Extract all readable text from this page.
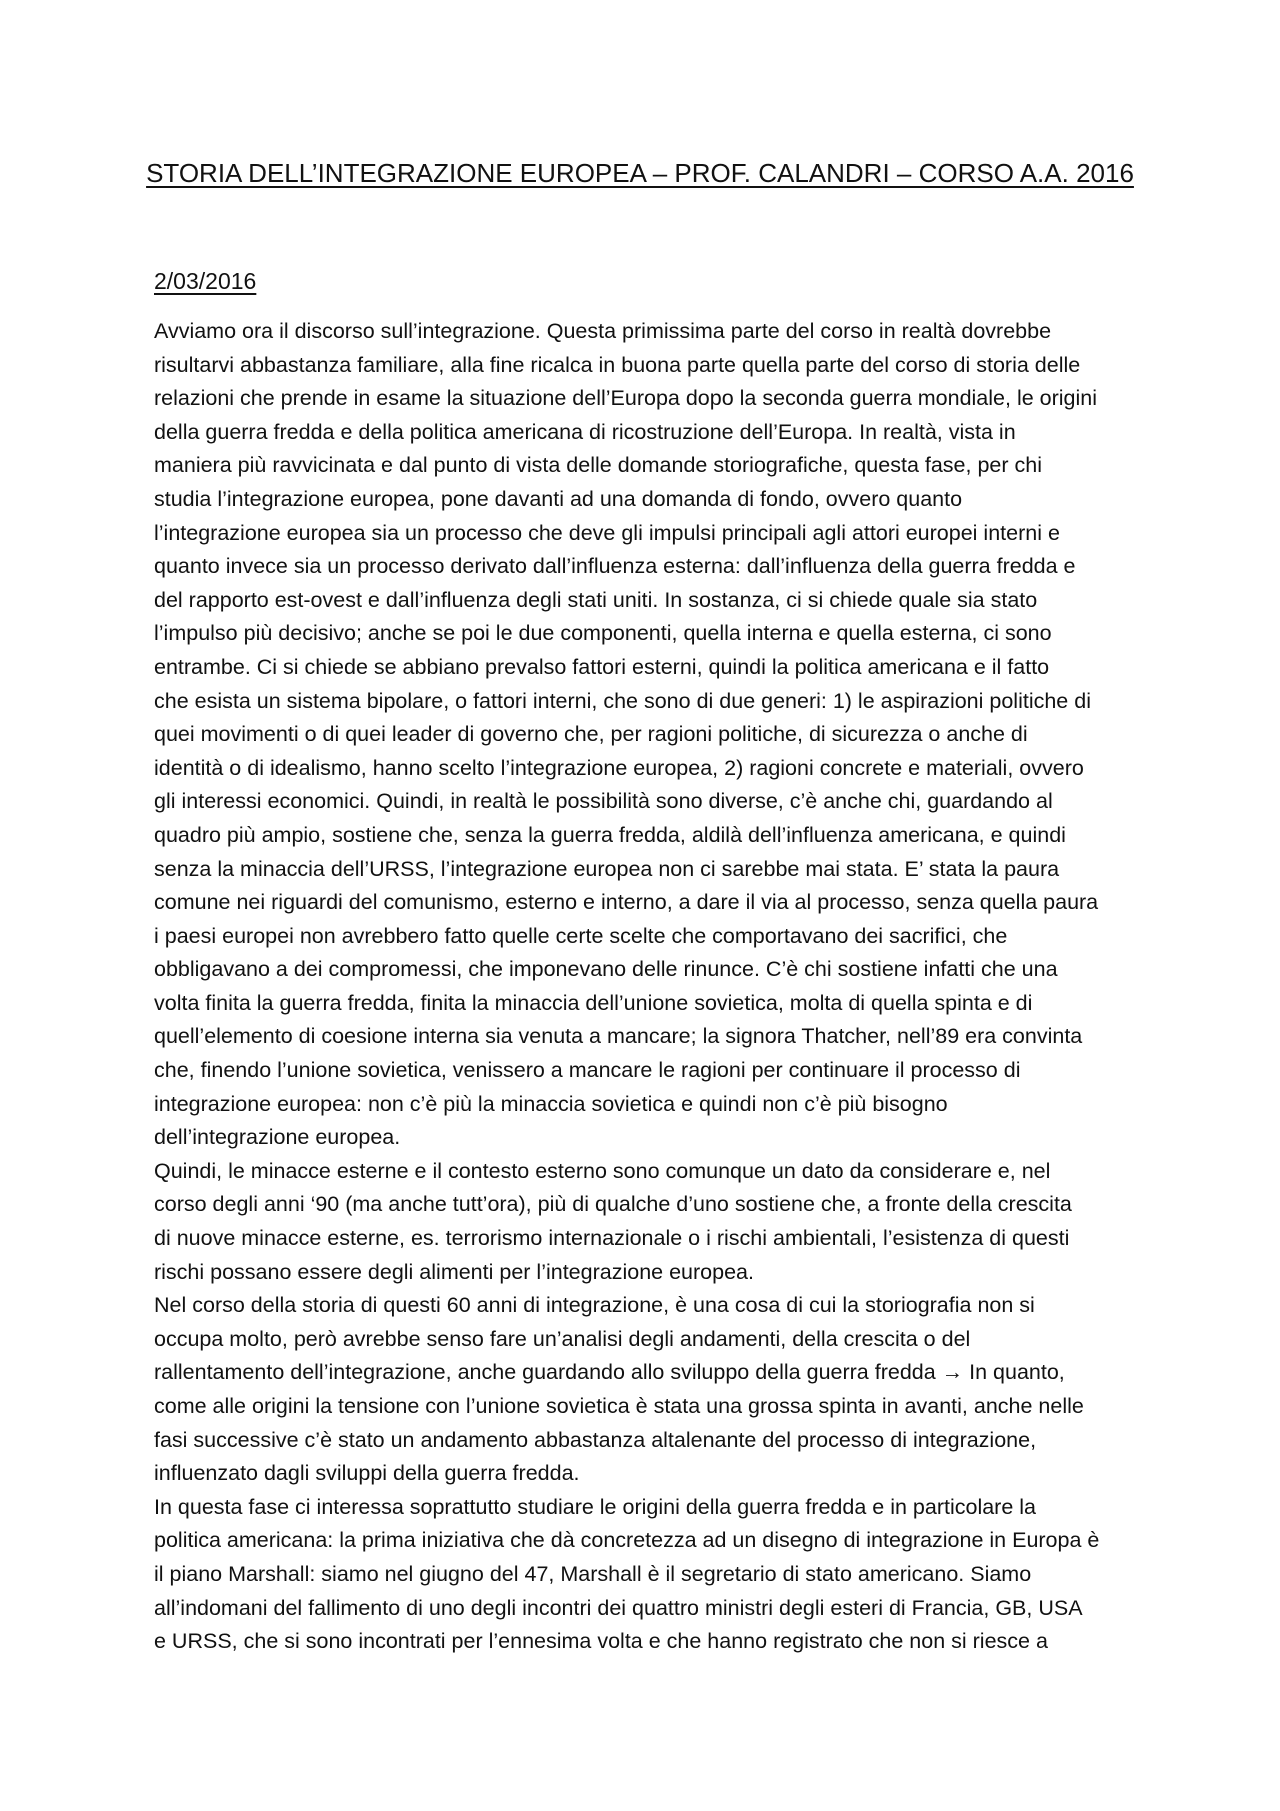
STORIA DELL’INTEGRAZIONE EUROPEA – PROF. CALANDRI – CORSO A.A. 2016
2/03/2016

Avviamo ora il discorso sull’integrazione. Questa primissima parte del corso in realtà dovrebbe
risultarvi abbastanza familiare, alla fine ricalca in buona parte quella parte del corso di storia delle
relazioni che prende in esame la situazione dell’Europa dopo la seconda guerra mondiale, le origini
della guerra fredda e della politica americana di ricostruzione dell’Europa. In realtà, vista in
maniera più ravvicinata e dal punto di vista delle domande storiografiche, questa fase, per chi
studia l’integrazione europea, pone davanti ad una domanda di fondo, ovvero quanto
l’integrazione europea sia un processo che deve gli impulsi principali agli attori europei interni e
quanto invece sia un processo derivato dall’influenza esterna: dall’influenza della guerra fredda e
del rapporto est-ovest e dall’influenza degli stati uniti. In sostanza, ci si chiede quale sia stato
l’impulso più decisivo; anche se poi le due componenti, quella interna e quella esterna, ci sono
entrambe. Ci si chiede se abbiano prevalso fattori esterni, quindi la politica americana e il fatto
che esista un sistema bipolare, o fattori interni, che sono di due generi: 1) le aspirazioni politiche di
quei movimenti o di quei leader di governo che, per ragioni politiche, di sicurezza o anche di
identità o di idealismo, hanno scelto l’integrazione europea, 2) ragioni concrete e materiali, ovvero
gli interessi economici. Quindi, in realtà le possibilità sono diverse, c’è anche chi, guardando al
quadro più ampio, sostiene che, senza la guerra fredda, aldilà dell’influenza americana, e quindi
senza la minaccia dell’URSS, l’integrazione europea non ci sarebbe mai stata. E’ stata la paura
comune nei riguardi del comunismo, esterno e interno, a dare il via al processo, senza quella paura
i paesi europei non avrebbero fatto quelle certe scelte che comportavano dei sacrifici, che
obbligavano a dei compromessi, che imponevano delle rinunce. C’è chi sostiene infatti che una
volta finita la guerra fredda, finita la minaccia dell’unione sovietica, molta di quella spinta e di
quell’elemento di coesione interna sia venuta a mancare; la signora Thatcher, nell’89 era convinta
che, finendo l’unione sovietica, venissero a mancare le ragioni per continuare il processo di
integrazione europea: non c’è più la minaccia sovietica e quindi non c’è più bisogno
dell’integrazione europea.

Quindi, le minacce esterne e il contesto esterno sono comunque un dato da considerare e, nel
corso degli anni ‘90 (ma anche tutt’ora), più di qualche d’uno sostiene che, a fronte della crescita
di nuove minacce esterne, es. terrorismo internazionale o i rischi ambientali, l’esistenza di questi
rischi possano essere degli alimenti per l’integrazione europea.

Nel corso della storia di questi 60 anni di integrazione, è una cosa di cui la storiografia non si
occupa molto, però avrebbe senso fare un’analisi degli andamenti, della crescita o del
rallentamento dell’integrazione, anche guardando allo sviluppo della guerra fredda → In quanto,
come alle origini la tensione con l’unione sovietica è stata una grossa spinta in avanti, anche nelle
fasi successive c’è stato un andamento abbastanza altalenante del processo di integrazione,
influenzato dagli sviluppi della guerra fredda.

In questa fase ci interessa soprattutto studiare le origini della guerra fredda e in particolare la
politica americana: la prima iniziativa che dà concretezza ad un disegno di integrazione in Europa è
il piano Marshall: siamo nel giugno del 47, Marshall è il segretario di stato americano. Siamo
all’indomani del fallimento di uno degli incontri dei quattro ministri degli esteri di Francia, GB, USA
e URSS, che si sono incontrati per l’ennesima volta e che hanno registrato che non si riesce a
